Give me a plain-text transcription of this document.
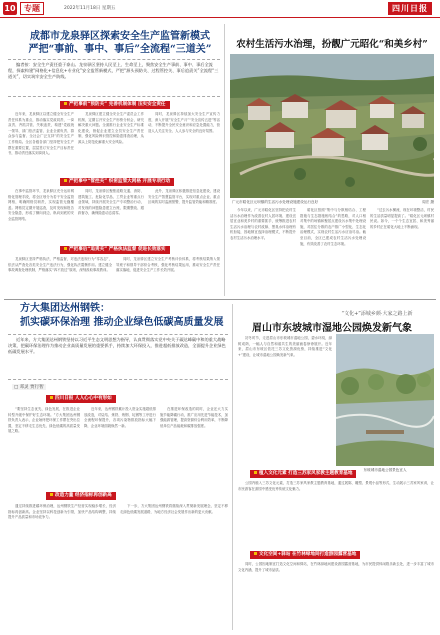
10	专题	2022年11月18日 星期五	四川日报
成都市龙泉驿区探索安全生产监管新模式
严把“事前、事中、事后”全流程“三道关”
编者按：安全生产责任重于泰山。龙泉驿区坚持人民至上、生命至上，聚焦安全生产事前、事中、事后全流程，探索构建“网格化+信息化+专业化”安全监管新模式，严把“源头预防关、过程管控关、事后追责关”全流程“三道关”，切实筑牢安全生产防线。
严把事前“预防关” 完善机制体制 压实安全责任
近年来，龙泉驿区以建立健全安全生产责任体系为重点，推动落实党政同责、一岗双责、齐抓共管、失职追责，构建“党政统一领导、部门依法监管、企业全面负责、群众参与监督、全社会广泛支持”的安全生产工作格局。全区各级各部门坚持把安全生产摆在重要位置，层层签订安全生产目标责任书，推动责任落实到岗到人。
龙泉驿区建立健全安全生产委员会工作机制，定期召开安全生产形势分析会，研究解决重大问题。全面推行企业安全生产标准化建设，督促企业建立全员安全生产责任制，强化风险辨识管控和隐患排查治理，从源头上防范化解重大安全风险。
同时，龙泉驿区持续加大安全生产宣传力度，深入开展“安全生产月”“安全宣传五进”等活动，不断提升全民安全意识和应急处置能力，营造人人关注安全、人人参与安全的良好氛围。
严把事中“管控关” 织密监管大网格 开展专项行动
在事中监管环节，龙泉驿区充分运用网格化管理手段，将全区划分为若干安全监管网格，明确网格员职责，实现监管无缝覆盖。网格员定期开展巡查，及时发现和报告安全隐患，形成了横向到边、纵向到底的安全监管网络。
同时，龙泉驿区聚焦道路交通、消防、建筑施工、危险化学品、工贸企业等重点行业领域，持续开展安全生产专项整治行动，对发现的问题隐患建立台账、限期整改、跟踪督办，确保隐患动态清零。
此外，龙泉驿区积极推进信息化建设，建设安全生产智慧监管平台，实现对重点企业、重点区域的实时监测预警，提升监管效能和精准度。
严把事后“追责关” 严格执法监督 促进长效落实
龙泉驿区坚持严格执法、严格监督，对违法违规行为“零容忍”，依法从严查处各类安全生产违法行为，强化执法震慑作用。建立健全事故调查处理机制，严格落实“四不放过”原则，深刻汲取事故教训。
同时，龙泉驿区建立安全生产考核评价体系，将考核结果纳入领导班子和领导干部综合考核，强化考核结果运用，推动安全生产责任落实落地，促进安全生产工作长效开展。
农村生活污水治理，扮靓广元昭化“和美乡村”
广元市昭化区元坝镇的生活污水处理设施建设运行良好	周宏 摄
今年以来，广元市昭化区坚持把农村生活污水治理作为改善农村人居环境、建设宜居宜业和美乡村的重要抓手，统筹推进农村生活污水治理与农村改厕、黑臭水体治理有机衔接，因地制宜选择治理模式，不断提升农村生活污水治理水平。
昭化区按照“集中与分散相结合、工程措施与生态措施相结合”的思路，对人口相对集中的场镇和聚居点建设污水集中处理设施，对居住分散的农户推广小型化、生态化治理模式，实现农村生活污水应治尽治。截至目前，全区已建成农村生活污水处理设施，有效改善了农村生态环境。
“过去污水横流，现在环境整洁，村民的生活质量明显提高了。”昭化区元坝镇村民说。如今，一个个生态宜居、和美秀丽的乡村正在昭化大地上不断涌现。
方大集团达州钢铁：
抓实碳环保治理 推动企业绿色低碳高质量发展
近年来，方大集团达州钢铁坚持以习近平生态文明思想为指导，认真贯彻落实党中央关于碳达峰碳中和的重大战略决策，把碳环保治理作为推动企业高质量发展的重要抓手，持续加大环保投入，推进超低排放改造，全面提升企业绿色低碳发展水平。
□ 邓灵 贾行智
四川日报 人人心心中有形如
“要坚持生态优先、绿色发展，在推进企业转型升级中保护好生态环境。”方大集团达州钢铁负责人表示，企业始终把环保工作摆在突出位置，坚定不移走生态优先、绿色低碳的高质量发展之路。
近年来，达州钢铁累计投入资金实施超低排放改造，对烧结、炼铁、炼钢、轧钢等工序进行全流程环保提升，各项污染物排放指标大幅下降，企业环境面貌焕然一新。
在推进环保改造的同时，企业还大力实施节能降碳行动，推广应用先进节能技术，加强能源管理，提高资源综合利用效率，不断降低单位产品能耗和碳排放强度。
改造力量 经济指标再创新高
通过持续推进碳环保治理，达州钢铁生产经营实现稳步增长，经济指标再创新高。企业坚持以科技创新为引领，加快产品结构调整，持续提升产品质量和市场竞争力。
下一步，方大集团达州钢铁将继续深入贯彻新发展理念，坚定不移走绿色低碳发展道路，为地方经济社会发展作出新的更大贡献。
“文化+”添城乡颜·大家之路上新
眉山市东坡城市湿地公园焕发新气象
初冬时节，走进眉山市东坡城市湿地公园，碧水环绕，绿树成荫，一幅人与自然和谐共生的美丽画卷徐徐展开。近年来，眉山市东坡区依托三苏文化资源优势，持续推进“文化+”建设，让城市湿地公园焕发新气象。
东坡城市湿地公园景色宜人
植入文化元素 打造三苏家风家教主题教育基地
公园内植入三苏文化元素，打造三苏家风家教主题教育基地，通过展陈、雕塑、景观小品等形式，生动展示三苏家风家训，让市民游客在游园中感受优秀传统文化魅力。
文化空间+驿站 在竹林绿地间打造游园露营基地
同时，公园因地制宜打造文化空间和驿站，在竹林绿地间建设游园露营基地，为市民提供休闲娱乐新去处，进一步丰富了城市文化内涵，提升了城市品质。
